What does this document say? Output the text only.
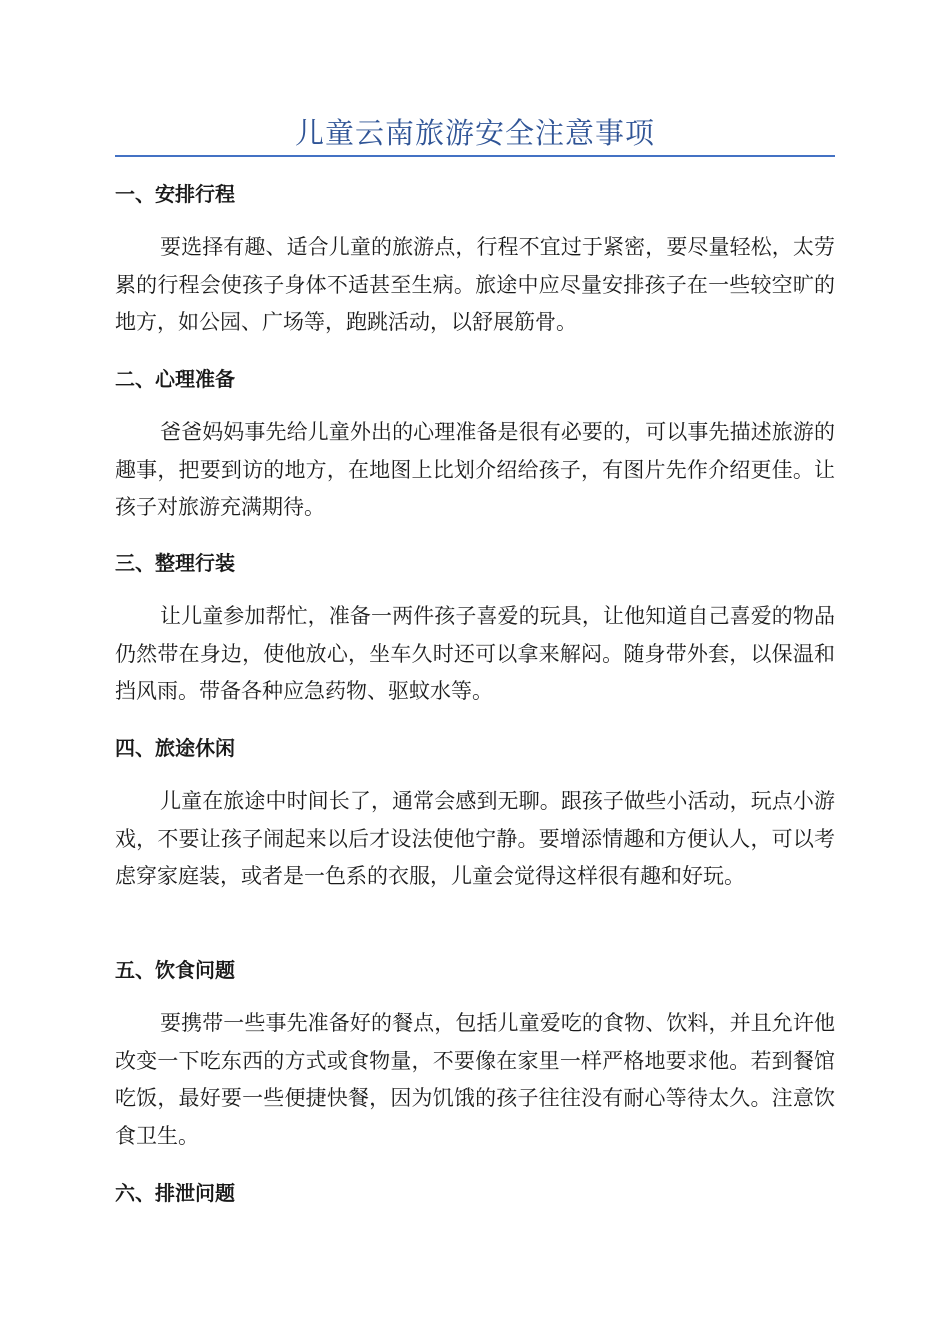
儿童云南旅游安全注意事项
一、安排行程

要选择有趣、适合儿童的旅游点，行程不宜过于紧密，要尽量轻松，太劳累的行程会使孩子身体不适甚至生病。旅途中应尽量安排孩子在一些较空旷的地方，如公园、广场等，跑跳活动，以舒展筋骨。

二、心理准备

爸爸妈妈事先给儿童外出的心理准备是很有必要的，可以事先描述旅游的趣事，把要到访的地方，在地图上比划介绍给孩子，有图片先作介绍更佳。让孩子对旅游充满期待。

三、整理行装

让儿童参加帮忙，准备一两件孩子喜爱的玩具，让他知道自己喜爱的物品仍然带在身边，使他放心，坐车久时还可以拿来解闷。随身带外套，以保温和挡风雨。带备各种应急药物、驱蚊水等。

四、旅途休闲

儿童在旅途中时间长了，通常会感到无聊。跟孩子做些小活动，玩点小游戏，不要让孩子闹起来以后才设法使他宁静。要增添情趣和方便认人，可以考虑穿家庭装，或者是一色系的衣服，儿童会觉得这样很有趣和好玩。

五、饮食问题

要携带一些事先准备好的餐点，包括儿童爱吃的食物、饮料，并且允许他改变一下吃东西的方式或食物量，不要像在家里一样严格地要求他。若到餐馆吃饭，最好要一些便捷快餐，因为饥饿的孩子往往没有耐心等待太久。注意饮食卫生。

六、排泄问题
